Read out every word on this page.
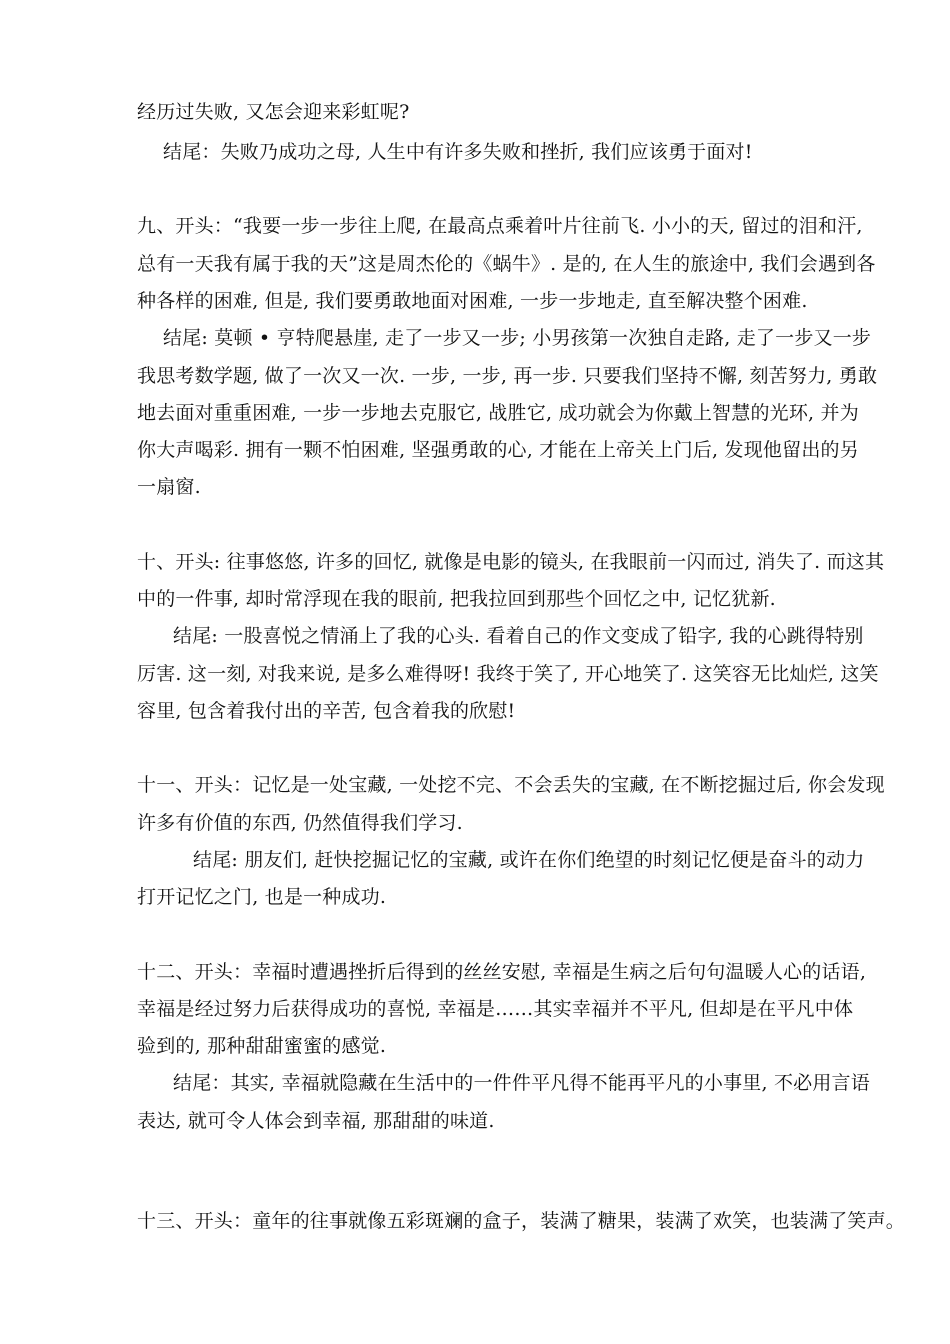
经历过失败, 又怎会迎来彩虹呢?
结尾：失败乃成功之母, 人生中有许多失败和挫折, 我们应该勇于面对!
九、开头：“我要一步一步往上爬, 在最高点乘着叶片往前飞. 小小的天, 留过的泪和汗,
总有一天我有属于我的天”这是周杰伦的《蜗牛》. 是的, 在人生的旅途中, 我们会遇到各
种各样的困难, 但是, 我们要勇敢地面对困难, 一步一步地走, 直至解决整个困难.
结尾: 莫顿 • 亨特爬悬崖, 走了一步又一步; 小男孩第一次独自走路, 走了一步又一步
我思考数学题, 做了一次又一次. 一步, 一步, 再一步. 只要我们坚持不懈, 刻苦努力, 勇敢
地去面对重重困难, 一步一步地去克服它, 战胜它, 成功就会为你戴上智慧的光环, 并为
你大声喝彩. 拥有一颗不怕困难, 坚强勇敢的心, 才能在上帝关上门后, 发现他留出的另
一扇窗.
十、开头: 往事悠悠, 许多的回忆, 就像是电影的镜头, 在我眼前一闪而过, 消失了. 而这其
中的一件事, 却时常浮现在我的眼前, 把我拉回到那些个回忆之中, 记忆犹新.
结尾: 一股喜悦之情涌上了我的心头. 看着自己的作文变成了铅字, 我的心跳得特别
厉害. 这一刻, 对我来说, 是多么难得呀! 我终于笑了, 开心地笑了. 这笑容无比灿烂, 这笑
容里, 包含着我付出的辛苦, 包含着我的欣慰!
十一、开头：记忆是一处宝藏, 一处挖不完、不会丢失的宝藏, 在不断挖掘过后, 你会发现
许多有价值的东西, 仍然值得我们学习.
结尾: 朋友们, 赶快挖掘记忆的宝藏, 或许在你们绝望的时刻记忆便是奋斗的动力
打开记忆之门, 也是一种成功.
十二、开头：幸福时遭遇挫折后得到的丝丝安慰, 幸福是生病之后句句温暖人心的话语,
幸福是经过努力后获得成功的喜悦, 幸福是……其实幸福并不平凡, 但却是在平凡中体
验到的, 那种甜甜蜜蜜的感觉.
结尾：其实, 幸福就隐藏在生活中的一件件平凡得不能再平凡的小事里, 不必用言语
表达, 就可令人体会到幸福, 那甜甜的味道.
十三、开头：童年的往事就像五彩斑斓的盒子，装满了糖果，装满了欢笑，也装满了笑声。
